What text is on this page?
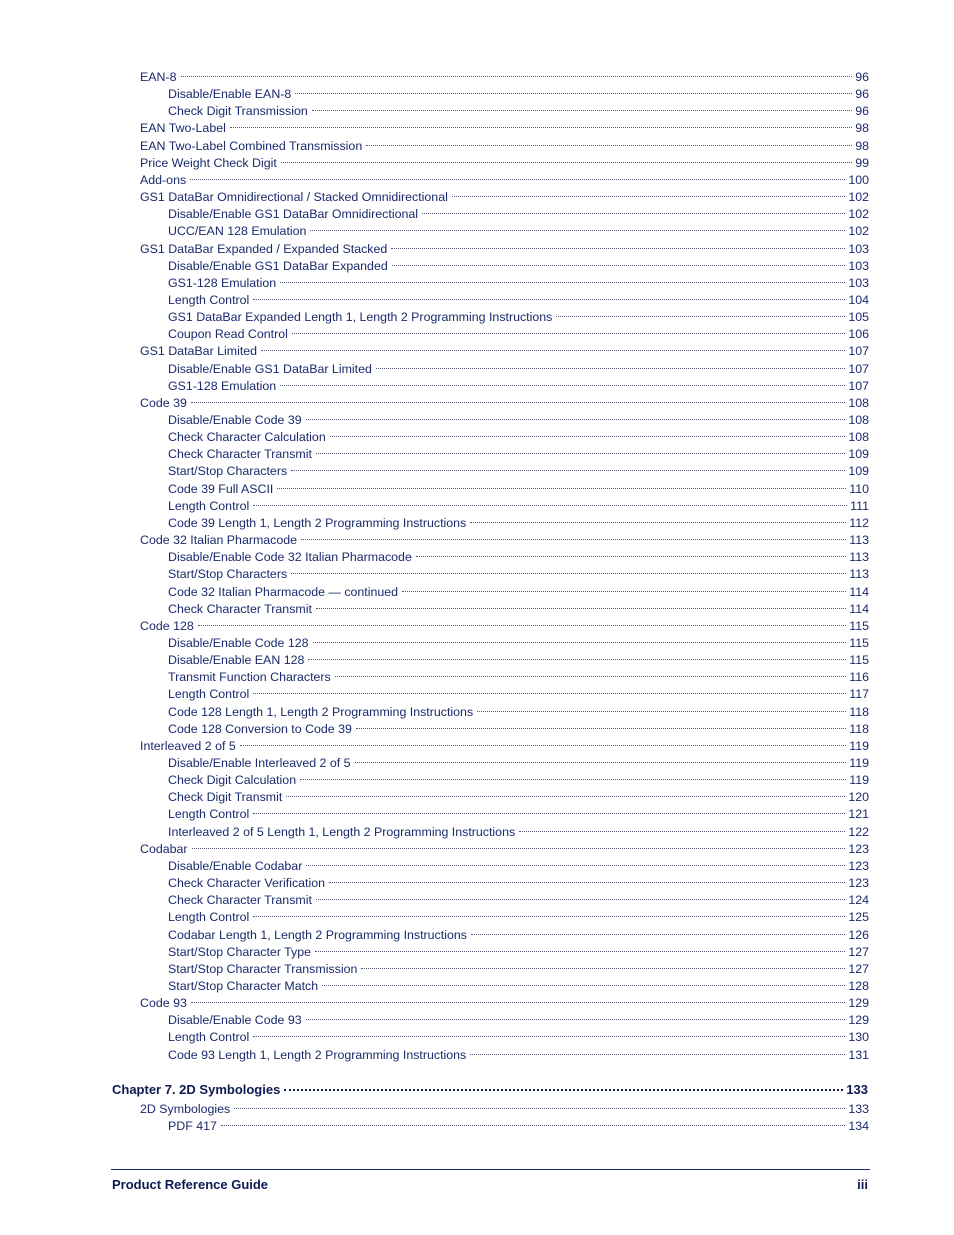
EAN-8	96
Disable/Enable EAN-8	96
Check Digit Transmission	96
EAN Two-Label	98
EAN Two-Label Combined Transmission	98
Price Weight Check Digit	99
Add-ons	100
GS1 DataBar Omnidirectional / Stacked Omnidirectional	102
Disable/Enable GS1 DataBar Omnidirectional	102
UCC/EAN 128 Emulation	102
GS1 DataBar Expanded / Expanded Stacked	103
Disable/Enable GS1 DataBar Expanded	103
GS1-128 Emulation	103
Length Control	104
GS1 DataBar Expanded Length 1, Length 2 Programming Instructions	105
Coupon Read Control	106
GS1 DataBar Limited	107
Disable/Enable GS1 DataBar Limited	107
GS1-128 Emulation	107
Code 39	108
Disable/Enable Code 39	108
Check Character Calculation	108
Check Character Transmit	109
Start/Stop Characters	109
Code 39 Full ASCII	110
Length Control	111
Code 39 Length 1, Length 2 Programming Instructions	112
Code 32 Italian Pharmacode	113
Disable/Enable Code 32 Italian Pharmacode	113
Start/Stop Characters	113
Code 32 Italian Pharmacode — continued	114
Check Character Transmit	114
Code 128	115
Disable/Enable Code 128	115
Disable/Enable EAN 128	115
Transmit Function Characters	116
Length Control	117
Code 128 Length 1, Length 2 Programming Instructions	118
Code 128 Conversion to Code 39	118
Interleaved 2 of 5	119
Disable/Enable Interleaved 2 of 5	119
Check Digit Calculation	119
Check Digit Transmit	120
Length Control	121
Interleaved 2 of 5 Length 1, Length 2 Programming Instructions	122
Codabar	123
Disable/Enable Codabar	123
Check Character Verification	123
Check Character Transmit	124
Length Control	125
Codabar Length 1, Length 2 Programming Instructions	126
Start/Stop Character Type	127
Start/Stop Character Transmission	127
Start/Stop Character Match	128
Code 93	129
Disable/Enable Code 93	129
Length Control	130
Code 93 Length 1, Length 2 Programming Instructions	131
Chapter 7. 2D Symbologies	133
2D Symbologies	133
PDF 417	134
Product Reference Guide	iii
